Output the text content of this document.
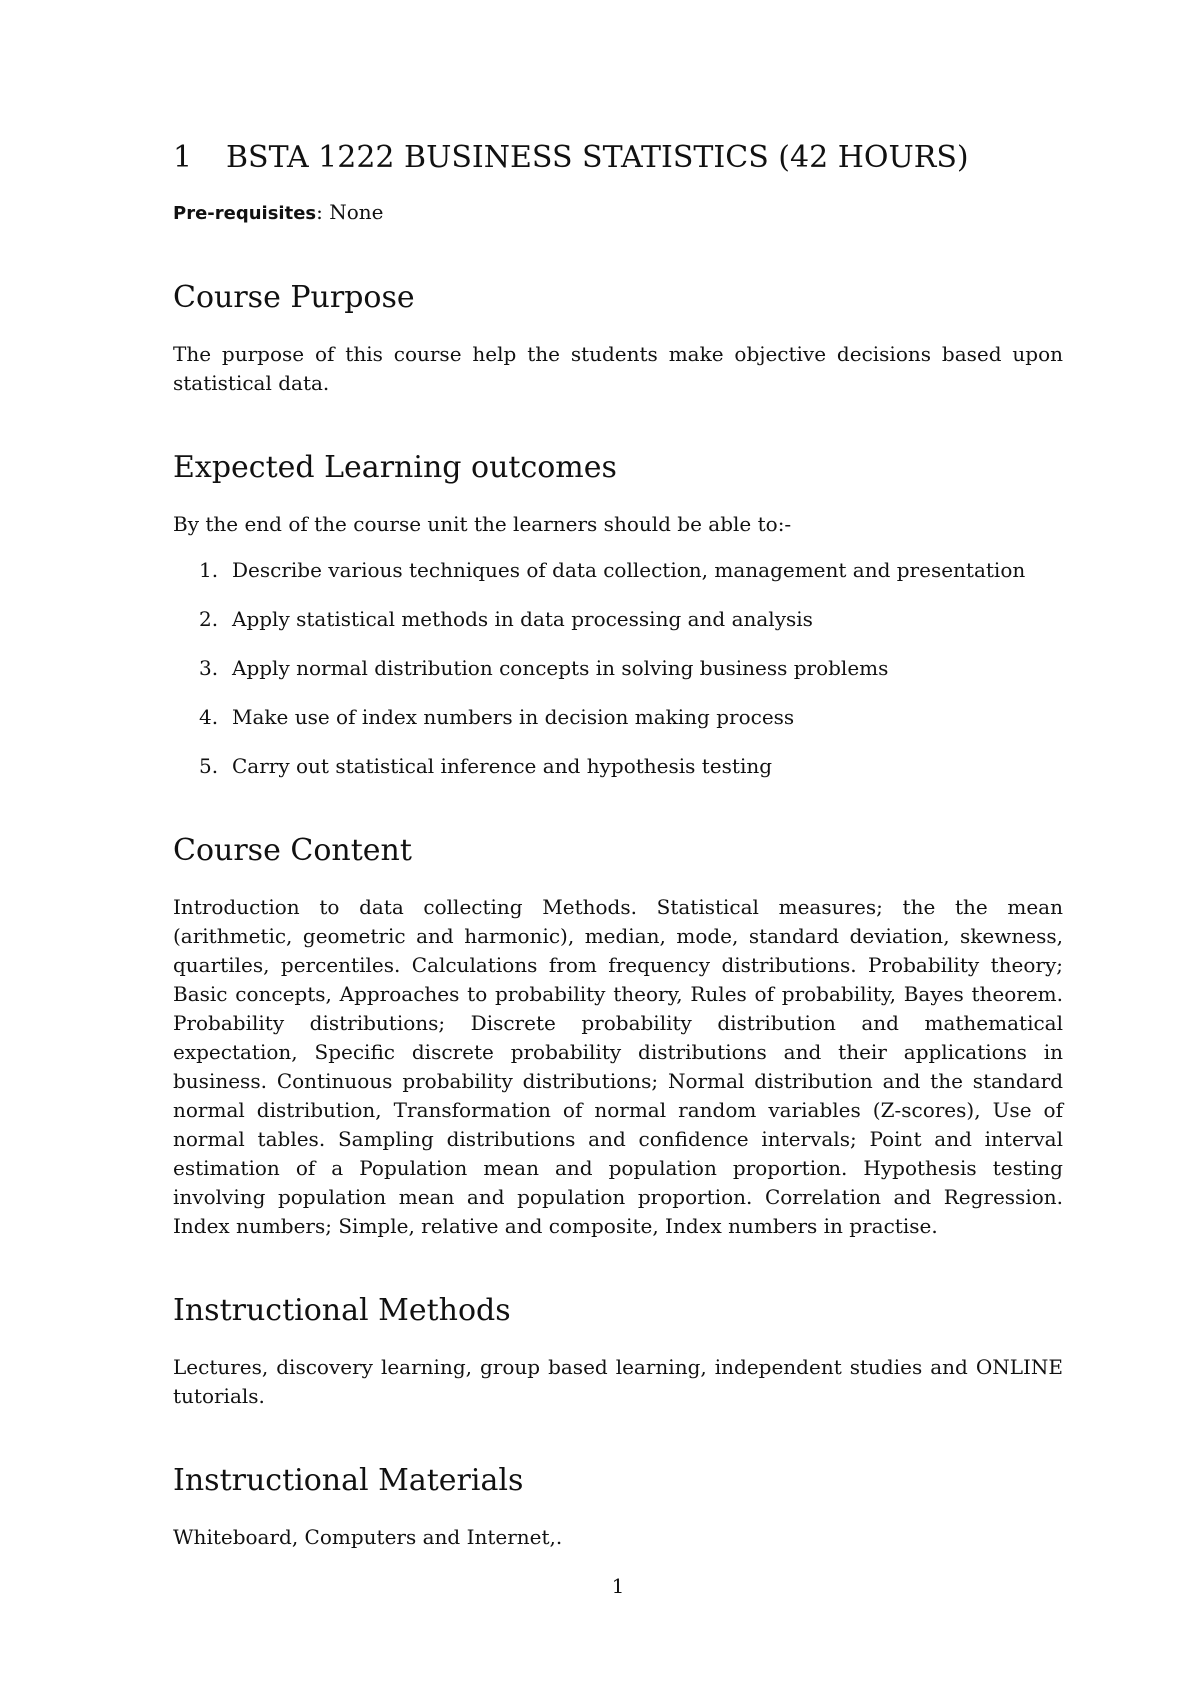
1 BSTA 1222 BUSINESS STATISTICS (42 HOURS)

Pre-requisites: None

Course Purpose

The purpose of this course help the students make objective decisions based upon statistical data.

Expected Learning outcomes

By the end of the course unit the learners should be able to:-

1. Describe various techniques of data collection, management and presentation
2. Apply statistical methods in data processing and analysis
3. Apply normal distribution concepts in solving business problems
4. Make use of index numbers in decision making process
5. Carry out statistical inference and hypothesis testing
Course Content

Introduction to data collecting Methods. Statistical measures; the the mean (arithmetic, geometric and harmonic), median, mode, standard deviation, skewness, quartiles, percentiles. Calculations from frequency distributions. Probability theory; Basic concepts, Approaches to probability theory, Rules of probability, Bayes theorem. Probability distributions; Discrete probability distribution and mathematical expectation, Specific discrete probability distributions and their applications in business. Continuous probability distributions; Normal distribution and the standard normal distribution, Transformation of normal random variables (Z-scores), Use of normal tables. Sampling distributions and confidence intervals; Point and interval estimation of a Population mean and population proportion. Hypothesis testing involving population mean and population proportion. Correlation and Regression. Index numbers; Simple, relative and composite, Index numbers in practise.

Instructional Methods

Lectures, discovery learning, group based learning, independent studies and ONLINE tutorials.

Instructional Materials

Whiteboard, Computers and Internet,.

1
